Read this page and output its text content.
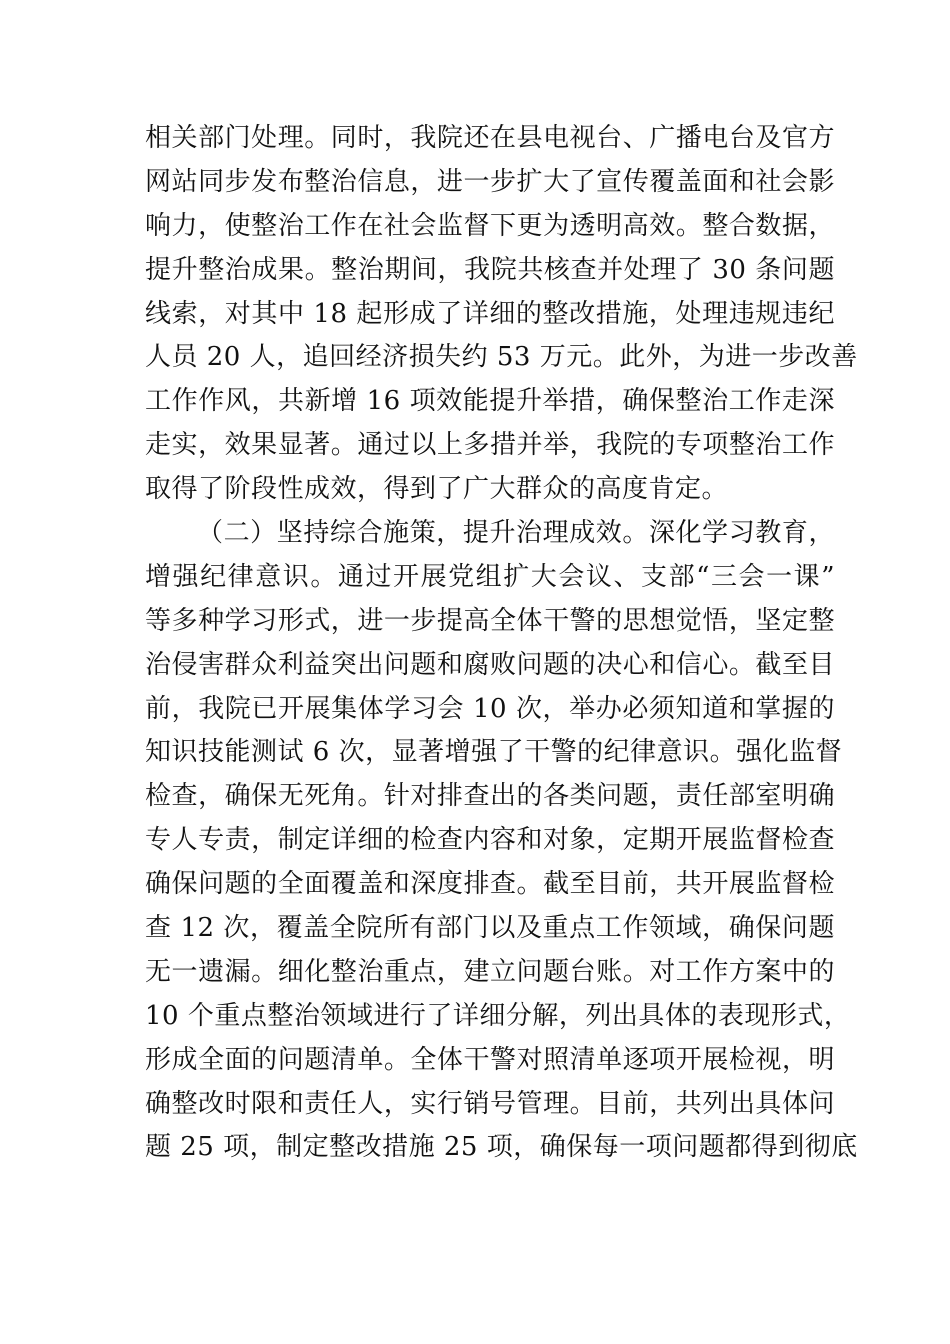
相关部门处理。同时，我院还在县电视台、广播电台及官方
网站同步发布整治信息，进一步扩大了宣传覆盖面和社会影
响力，使整治工作在社会监督下更为透明高效。整合数据，
提升整治成果。整治期间，我院共核查并处理了 30 条问题
线索，对其中 18 起形成了详细的整改措施，处理违规违纪
人员 20 人，追回经济损失约 53 万元。此外，为进一步改善
工作作风，共新增 16 项效能提升举措，确保整治工作走深
走实，效果显著。通过以上多措并举，我院的专项整治工作
取得了阶段性成效，得到了广大群众的高度肯定。
（二）坚持综合施策，提升治理成效。深化学习教育，
增强纪律意识。通过开展党组扩大会议、支部“三会一课”
等多种学习形式，进一步提高全体干警的思想觉悟，坚定整
治侵害群众利益突出问题和腐败问题的决心和信心。截至目
前，我院已开展集体学习会 10 次，举办必须知道和掌握的
知识技能测试 6 次，显著增强了干警的纪律意识。强化监督
检查，确保无死角。针对排查出的各类问题，责任部室明确
专人专责，制定详细的检查内容和对象，定期开展监督检查
确保问题的全面覆盖和深度排查。截至目前，共开展监督检
查 12 次，覆盖全院所有部门以及重点工作领域，确保问题
无一遗漏。细化整治重点，建立问题台账。对工作方案中的
10 个重点整治领域进行了详细分解，列出具体的表现形式，
形成全面的问题清单。全体干警对照清单逐项开展检视，明
确整改时限和责任人，实行销号管理。目前，共列出具体问
题 25 项，制定整改措施 25 项，确保每一项问题都得到彻底
